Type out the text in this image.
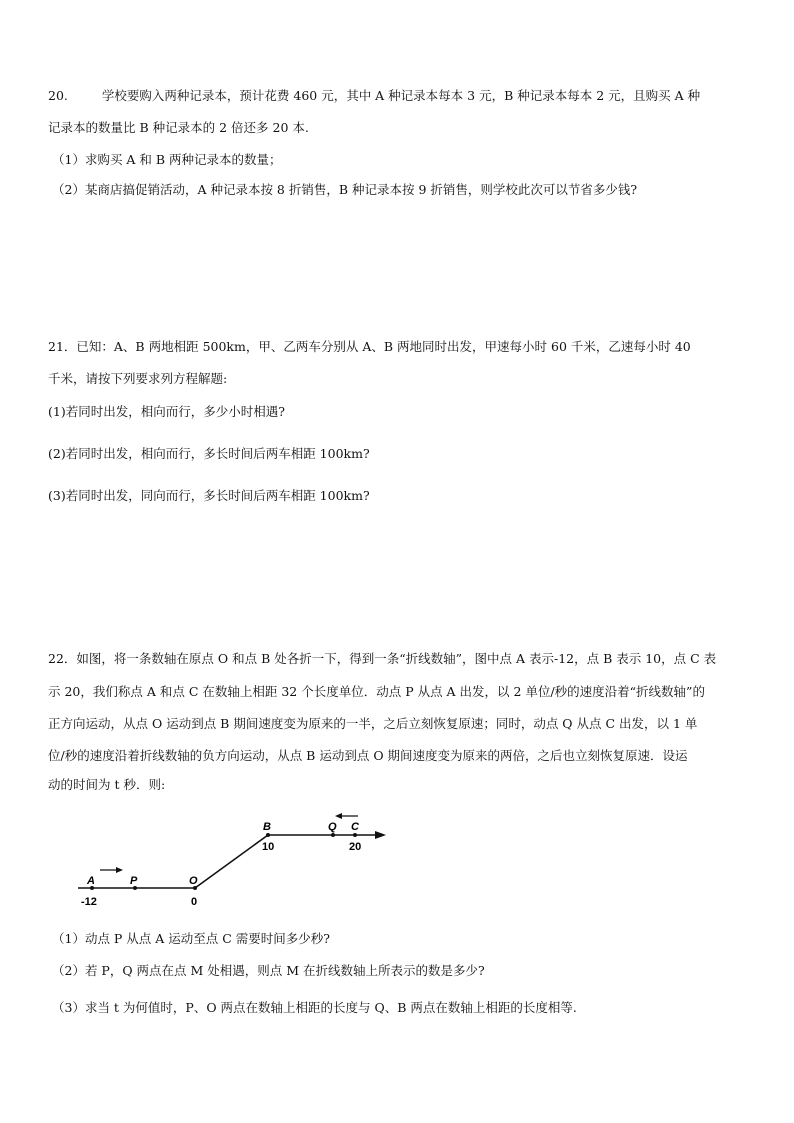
20.	学校要购入两种记录本，预计花费 460 元，其中 A 种记录本每本 3 元，B 种记录本每本 2 元，且购买 A 种
记录本的数量比 B 种记录本的 2 倍还多 20 本.
（1）求购买 A 和 B 两种记录本的数量；
（2）某商店搞促销活动，A 种记录本按 8 折销售，B 种记录本按 9 折销售，则学校此次可以节省多少钱?
21．已知：A、B 两地相距 500km，甲、乙两车分别从 A、B 两地同时出发，甲速每小时 60 千米，乙速每小时 40
千米，请按下列要求列方程解题:
(1)若同时出发，相向而行，多少小时相遇?
(2)若同时出发，相向而行，多长时间后两车相距 100km?
(3)若同时出发，同向而行，多长时间后两车相距 100km?
22．如图，将一条数轴在原点 O 和点 B 处各折一下，得到一条“折线数轴”，图中点 A 表示-12，点 B 表示 10，点 C 表
示 20，我们称点 A 和点 C 在数轴上相距 32 个长度单位．动点 P 从点 A 出发，以 2 单位/秒的速度沿着“折线数轴”的
正方向运动，从点 O 运动到点 B 期间速度变为原来的一半，之后立刻恢复原速；同时，动点 Q 从点 C 出发，以 1 单
位/秒的速度沿着折线数轴的负方向运动，从点 B 运动到点 O 期间速度变为原来的两倍，之后也立刻恢复原速．设运
动的时间为 t 秒．则:
A	P	O
B	Q C
-12	0
10	20
（1）动点 P 从点 A 运动至点 C 需要时间多少秒?
（2）若 P，Q 两点在点 M 处相遇，则点 M 在折线数轴上所表示的数是多少?
（3）求当 t 为何值时，P、O 两点在数轴上相距的长度与 Q、B 两点在数轴上相距的长度相等.
